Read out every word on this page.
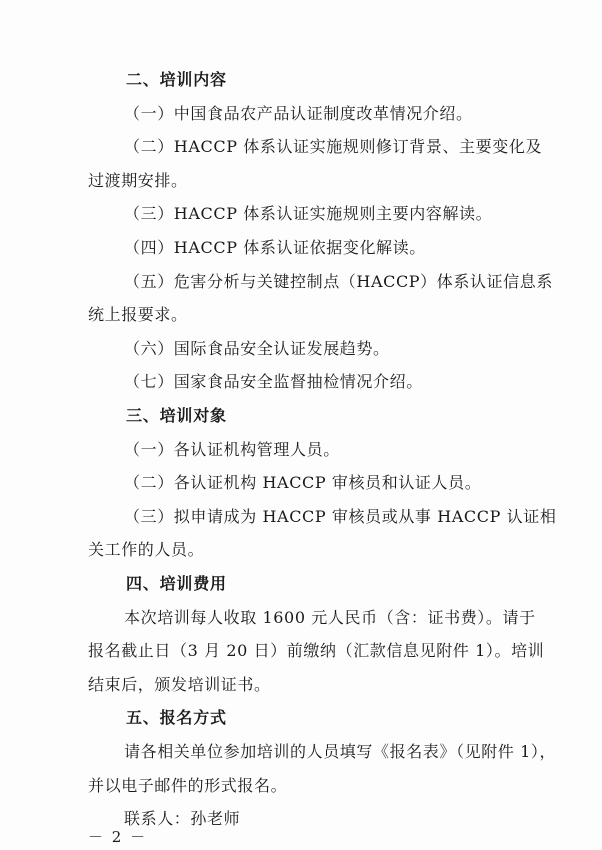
二、培训内容
（一）中国食品农产品认证制度改革情况介绍。
（二）HACCP 体系认证实施规则修订背景、主要变化及
过渡期安排。
（三）HACCP 体系认证实施规则主要内容解读。
（四）HACCP 体系认证依据变化解读。
（五）危害分析与关键控制点（HACCP）体系认证信息系
统上报要求。
（六）国际食品安全认证发展趋势。
（七）国家食品安全监督抽检情况介绍。
三、培训对象
（一）各认证机构管理人员。
（二）各认证机构 HACCP 审核员和认证人员。
（三）拟申请成为 HACCP 审核员或从事 HACCP 认证相
关工作的人员。
四、培训费用
本次培训每人收取 1600 元人民币（含：证书费）。请于
报名截止日（3 月 20 日）前缴纳（汇款信息见附件 1）。培训
结束后，颁发培训证书。
五、报名方式
请各相关单位参加培训的人员填写《报名表》（见附件 1），
并以电子邮件的形式报名。
联系人：孙老师
－ 2 －
